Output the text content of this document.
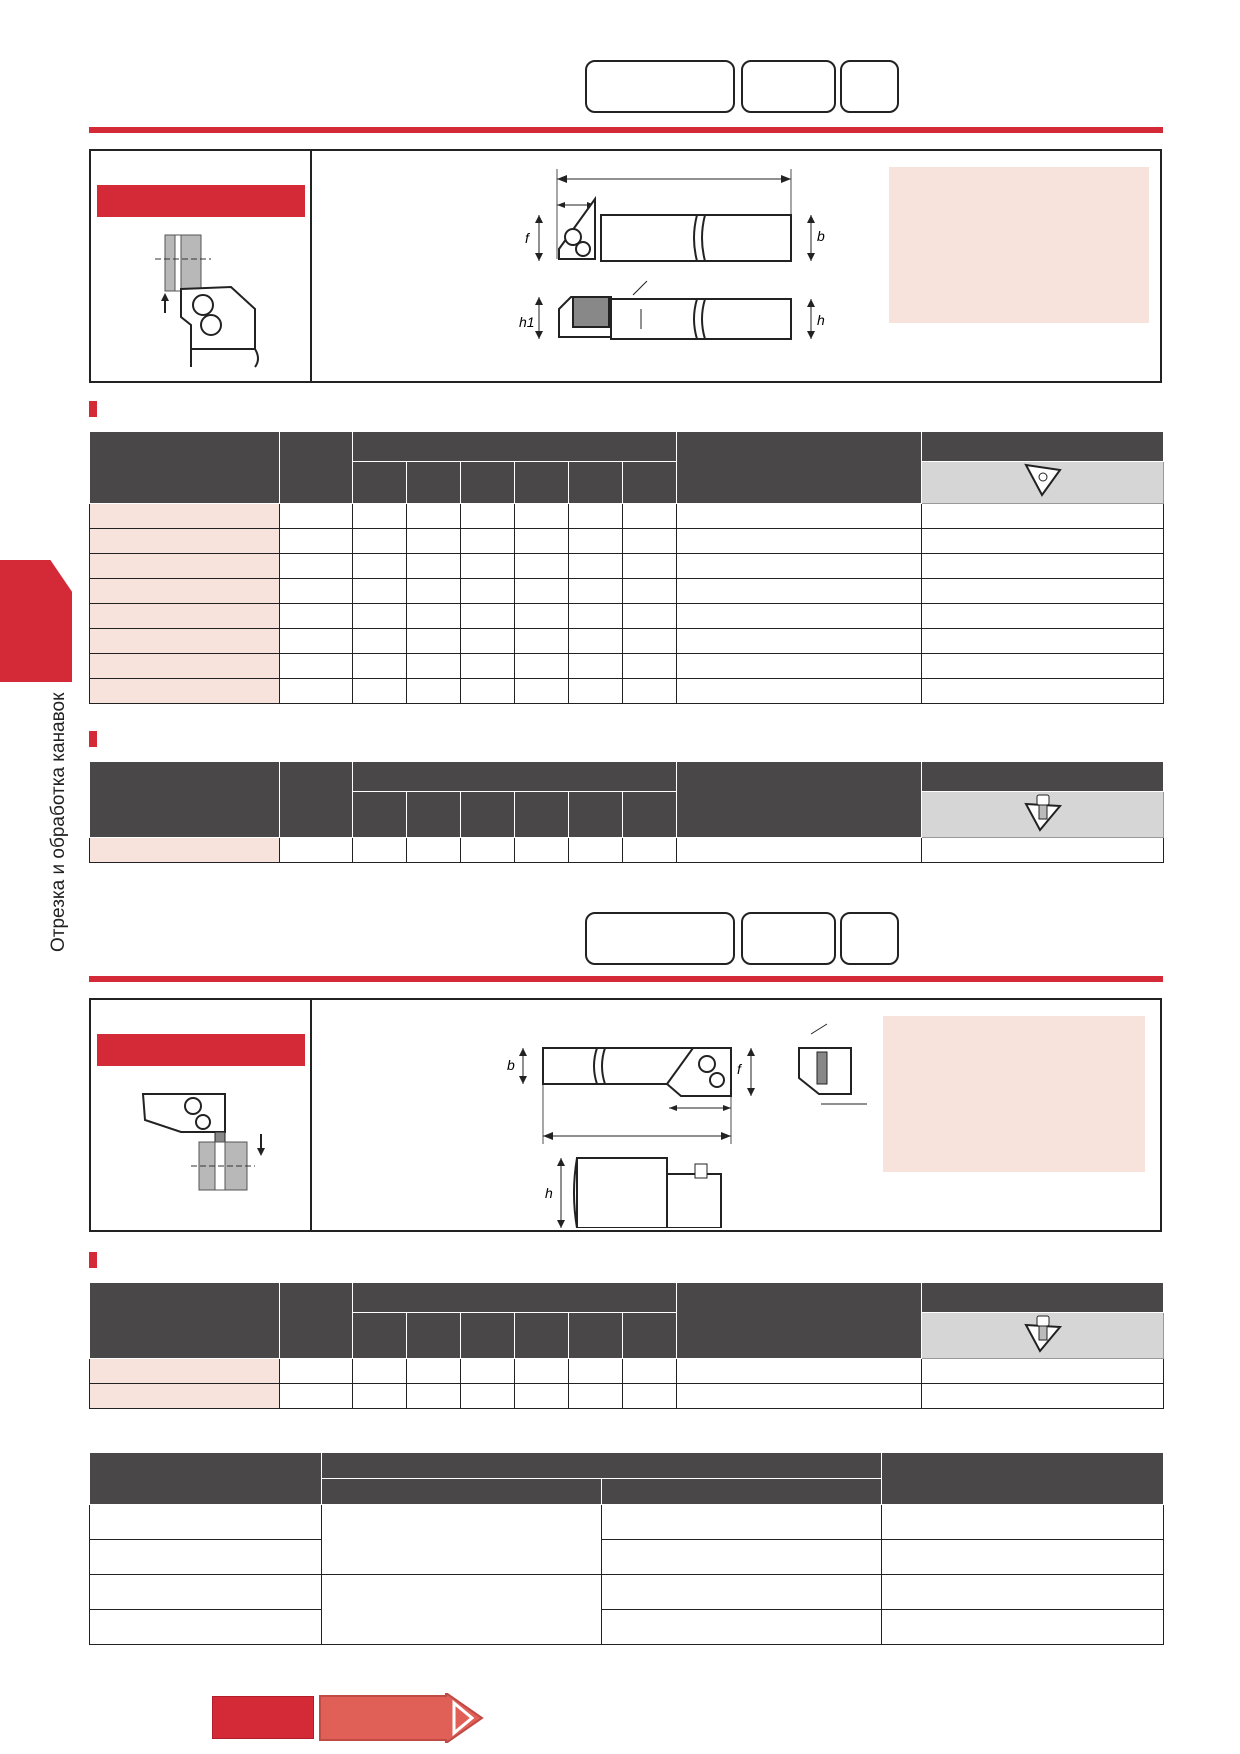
Отрезка и обработка канавок
f	b
h1	h

b	f
h
